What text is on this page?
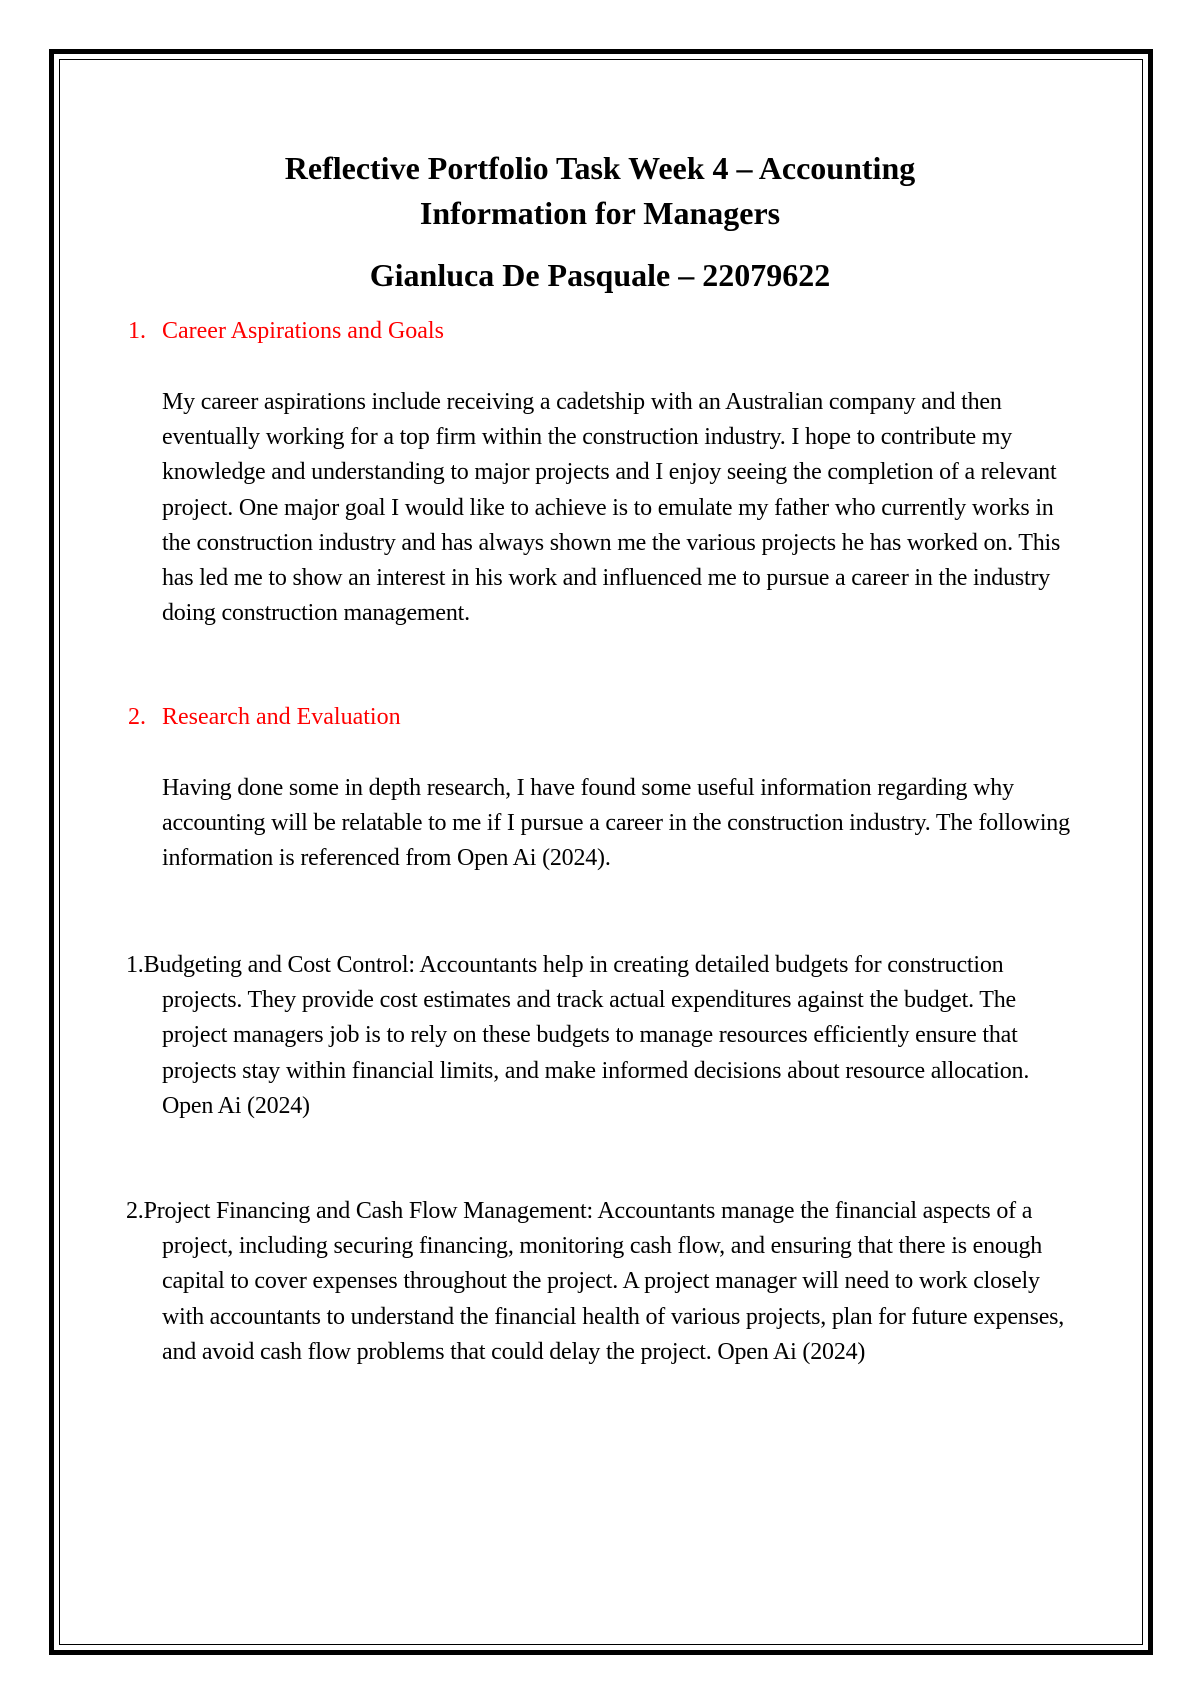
Reflective Portfolio Task Week 4 – Accounting
Information for Managers
Gianluca De Pasquale – 22079622
1. Career Aspirations and Goals
My career aspirations include receiving a cadetship with an Australian company and then eventually working for a top firm within the construction industry. I hope to contribute my knowledge and understanding to major projects and I enjoy seeing the completion of a relevant project. One major goal I would like to achieve is to emulate my father who currently works in the construction industry and has always shown me the various projects he has worked on. This has led me to show an interest in his work and influenced me to pursue a career in the industry doing construction management.
2. Research and Evaluation
Having done some in depth research, I have found some useful information regarding why accounting will be relatable to me if I pursue a career in the construction industry. The following information is referenced from Open Ai (2024).
1.Budgeting and Cost Control: Accountants help in creating detailed budgets for construction projects. They provide cost estimates and track actual expenditures against the budget. The project managers job is to rely on these budgets to manage resources efficiently ensure that projects stay within financial limits, and make informed decisions about resource allocation. Open Ai (2024)
2.Project Financing and Cash Flow Management: Accountants manage the financial aspects of a project, including securing financing, monitoring cash flow, and ensuring that there is enough capital to cover expenses throughout the project. A project manager will need to work closely with accountants to understand the financial health of various projects, plan for future expenses, and avoid cash flow problems that could delay the project. Open Ai (2024)
